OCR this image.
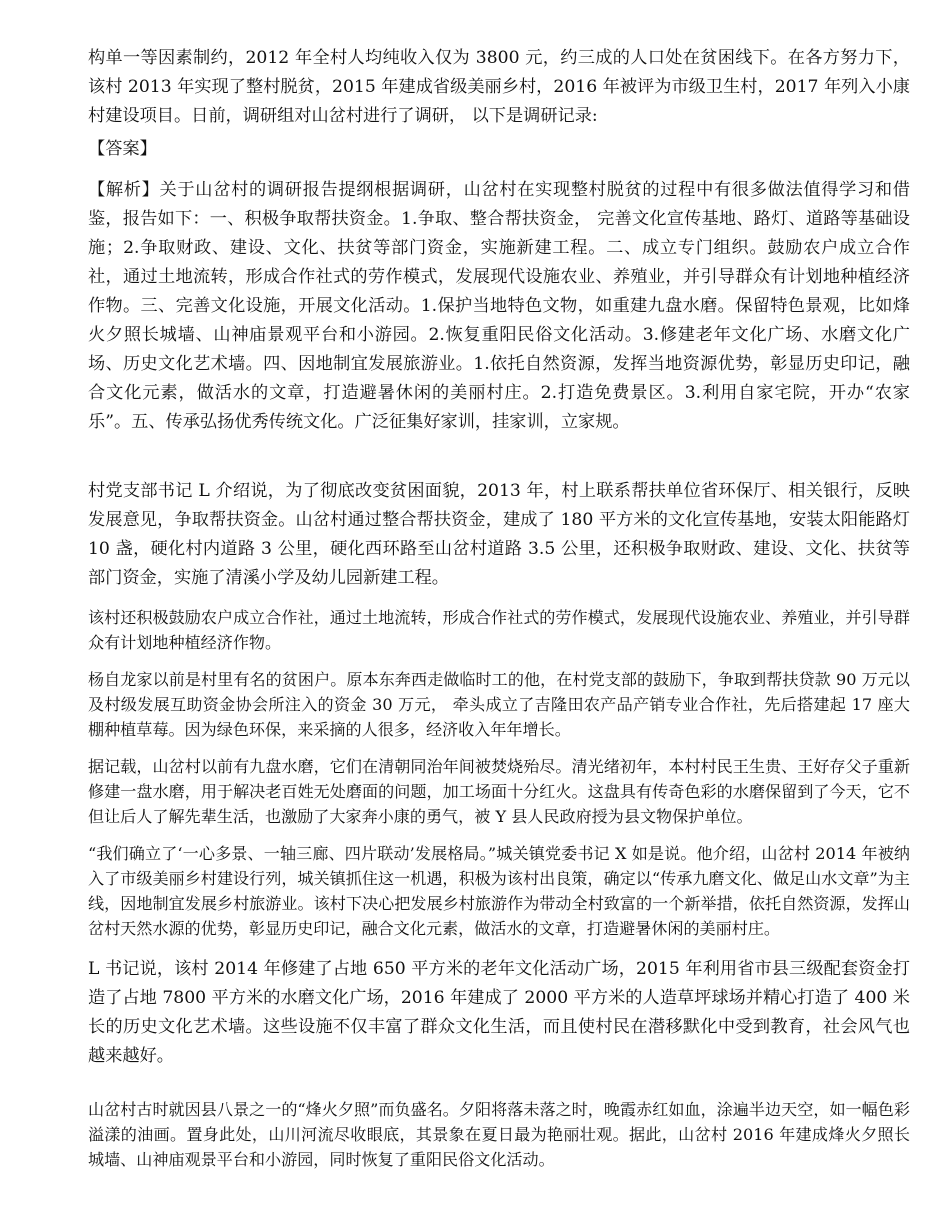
构单一等因素制约，2012 年全村人均纯收入仅为 3800 元，约三成的人口处在贫困线下。在各方努力下，该村 2013 年实现了整村脱贫，2015 年建成省级美丽乡村，2016 年被评为市级卫生村，2017 年列入小康村建设项目。日前，调研组对山岔村进行了调研， 以下是调研记录:

【答案】

【解析】关于山岔村的调研报告提纲根据调研，山岔村在实现整村脱贫的过程中有很多做法值得学习和借鉴，报告如下：一、积极争取帮扶资金。1.争取、整合帮扶资金， 完善文化宣传基地、路灯、道路等基础设施；2.争取财政、建设、文化、扶贫等部门资金，实施新建工程。二、成立专门组织。鼓励农户成立合作社，通过土地流转，形成合作社式的劳作模式，发展现代设施农业、养殖业，并引导群众有计划地种植经济作物。三、完善文化设施，开展文化活动。1.保护当地特色文物，如重建九盘水磨。保留特色景观，比如烽火夕照长城墙、山神庙景观平台和小游园。2.恢复重阳民俗文化活动。3.修建老年文化广场、水磨文化广场、历史文化艺术墙。四、因地制宜发展旅游业。1.依托自然资源，发挥当地资源优势，彰显历史印记，融合文化元素，做活水的文章，打造避暑休闲的美丽村庄。2.打造免费景区。3.利用自家宅院，开办“农家乐”。五、传承弘扬优秀传统文化。广泛征集好家训，挂家训，立家规。

村党支部书记 L 介绍说，为了彻底改变贫困面貌，2013 年，村上联系帮扶单位省环保厅、相关银行，反映发展意见，争取帮扶资金。山岔村通过整合帮扶资金，建成了 180 平方米的文化宣传基地，安装太阳能路灯 10 盏，硬化村内道路 3 公里，硬化西环路至山岔村道路 3.5 公里，还积极争取财政、建设、文化、扶贫等部门资金，实施了清溪小学及幼儿园新建工程。

该村还积极鼓励农户成立合作社，通过土地流转，形成合作社式的劳作模式，发展现代设施农业、养殖业，并引导群众有计划地种植经济作物。

杨自龙家以前是村里有名的贫困户。原本东奔西走做临时工的他，在村党支部的鼓励下，争取到帮扶贷款 90 万元以及村级发展互助资金协会所注入的资金 30 万元， 牵头成立了吉隆田农产品产销专业合作社，先后搭建起 17 座大棚种植草莓。因为绿色环保，来采摘的人很多，经济收入年年增长。

据记载，山岔村以前有九盘水磨，它们在清朝同治年间被焚烧殆尽。清光绪初年，本村村民王生贵、王好存父子重新修建一盘水磨，用于解决老百姓无处磨面的问题，加工场面十分红火。这盘具有传奇色彩的水磨保留到了今天，它不但让后人了解先辈生活，也激励了大家奔小康的勇气，被 Y 县人民政府授为县文物保护单位。

“我们确立了‘一心多景、一轴三廊、四片联动’发展格局。”城关镇党委书记 X 如是说。他介绍，山岔村 2014 年被纳入了市级美丽乡村建设行列，城关镇抓住这一机遇，积极为该村出良策，确定以“传承九磨文化、做足山水文章”为主线，因地制宜发展乡村旅游业。该村下决心把发展乡村旅游作为带动全村致富的一个新举措，依托自然资源，发挥山岔村天然水源的优势，彰显历史印记，融合文化元素，做活水的文章，打造避暑休闲的美丽村庄。

L 书记说，该村 2014 年修建了占地 650 平方米的老年文化活动广场，2015 年利用省市县三级配套资金打造了占地 7800 平方米的水磨文化广场，2016 年建成了 2000 平方米的人造草坪球场并精心打造了 400 米长的历史文化艺术墙。这些设施不仅丰富了群众文化生活，而且使村民在潜移默化中受到教育，社会风气也越来越好。

山岔村古时就因县八景之一的“烽火夕照”而负盛名。夕阳将落未落之时，晚霞赤红如血，涂遍半边天空，如一幅色彩溢漾的油画。置身此处，山川河流尽收眼底，其景象在夏日最为艳丽壮观。据此，山岔村 2016 年建成烽火夕照长城墙、山神庙观景平台和小游园，同时恢复了重阳民俗文化活动。
